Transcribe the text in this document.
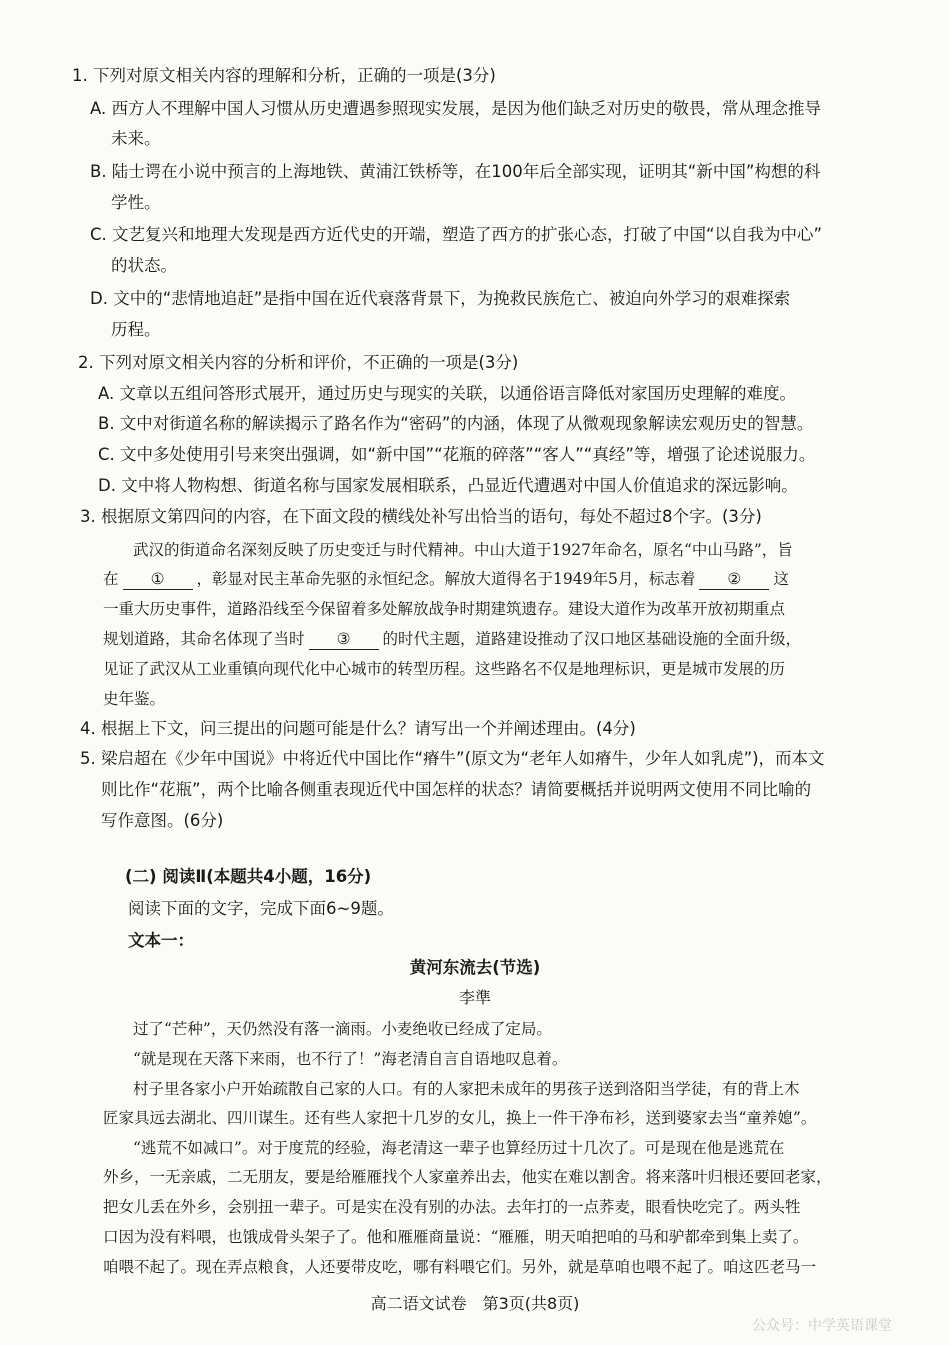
1. 下列对原文相关内容的理解和分析，正确的一项是(3分)
A. 西方人不理解中国人习惯从历史遭遇参照现实发展，是因为他们缺乏对历史的敬畏，常从理念推导
未来。
B. 陆士谔在小说中预言的上海地铁、黄浦江铁桥等，在100年后全部实现，证明其“新中国”构想的科
学性。
C. 文艺复兴和地理大发现是西方近代史的开端，塑造了西方的扩张心态，打破了中国“以自我为中心”
的状态。
D. 文中的“悲情地追赶”是指中国在近代衰落背景下，为挽救民族危亡、被迫向外学习的艰难探索
历程。
2. 下列对原文相关内容的分析和评价，不正确的一项是(3分)
A. 文章以五组问答形式展开，通过历史与现实的关联，以通俗语言降低对家国历史理解的难度。
B. 文中对街道名称的解读揭示了路名作为“密码”的内涵，体现了从微观现象解读宏观历史的智慧。
C. 文中多处使用引号来突出强调，如“新中国”“花瓶的碎落”“客人”“真经”等，增强了论述说服力。
D. 文中将人物构想、街道名称与国家发展相联系，凸显近代遭遇对中国人价值追求的深远影响。
3. 根据原文第四问的内容，在下面文段的横线处补写出恰当的语句，每处不超过8个字。(3分)
武汉的街道命名深刻反映了历史变迁与时代精神。中山大道于1927年命名，原名“中山马路”，旨
在 ① ，彰显对民主革命先驱的永恒纪念。解放大道得名于1949年5月，标志着 ② 这
一重大历史事件，道路沿线至今保留着多处解放战争时期建筑遗存。建设大道作为改革开放初期重点
规划道路，其命名体现了当时 ③ 的时代主题，道路建设推动了汉口地区基础设施的全面升级，
见证了武汉从工业重镇向现代化中心城市的转型历程。这些路名不仅是地理标识，更是城市发展的历
史年鉴。
4. 根据上下文，问三提出的问题可能是什么？请写出一个并阐述理由。(4分)
5. 梁启超在《少年中国说》中将近代中国比作“瘠牛”(原文为“老年人如瘠牛，少年人如乳虎”)，而本文
则比作“花瓶”，两个比喻各侧重表现近代中国怎样的状态？请简要概括并说明两文使用不同比喻的
写作意图。(6分)
(二) 阅读Ⅱ(本题共4小题，16分)
阅读下面的文字，完成下面6~9题。
文本一：
黄河东流去(节选)
李準
过了“芒种”，天仍然没有落一滴雨。小麦绝收已经成了定局。
“就是现在天落下来雨，也不行了！”海老清自言自语地叹息着。
村子里各家小户开始疏散自己家的人口。有的人家把未成年的男孩子送到洛阳当学徒，有的背上木
匠家具远去湖北、四川谋生。还有些人家把十几岁的女儿，换上一件干净布衫，送到婆家去当“童养媳”。
“逃荒不如减口”。对于度荒的经验，海老清这一辈子也算经历过十几次了。可是现在他是逃荒在
外乡，一无亲戚，二无朋友，要是给雁雁找个人家童养出去，他实在难以割舍。将来落叶归根还要回老家，
把女儿丢在外乡，会别扭一辈子。可是实在没有别的办法。去年打的一点荞麦，眼看快吃完了。两头牲
口因为没有料喂，也饿成骨头架子了。他和雁雁商量说：“雁雁，明天咱把咱的马和驴都牵到集上卖了。
咱喂不起了。现在弄点粮食，人还要带皮吃，哪有料喂它们。另外，就是草咱也喂不起了。咱这匹老马一
高二语文试卷　第3页(共8页)
公众号：中学英语课堂
